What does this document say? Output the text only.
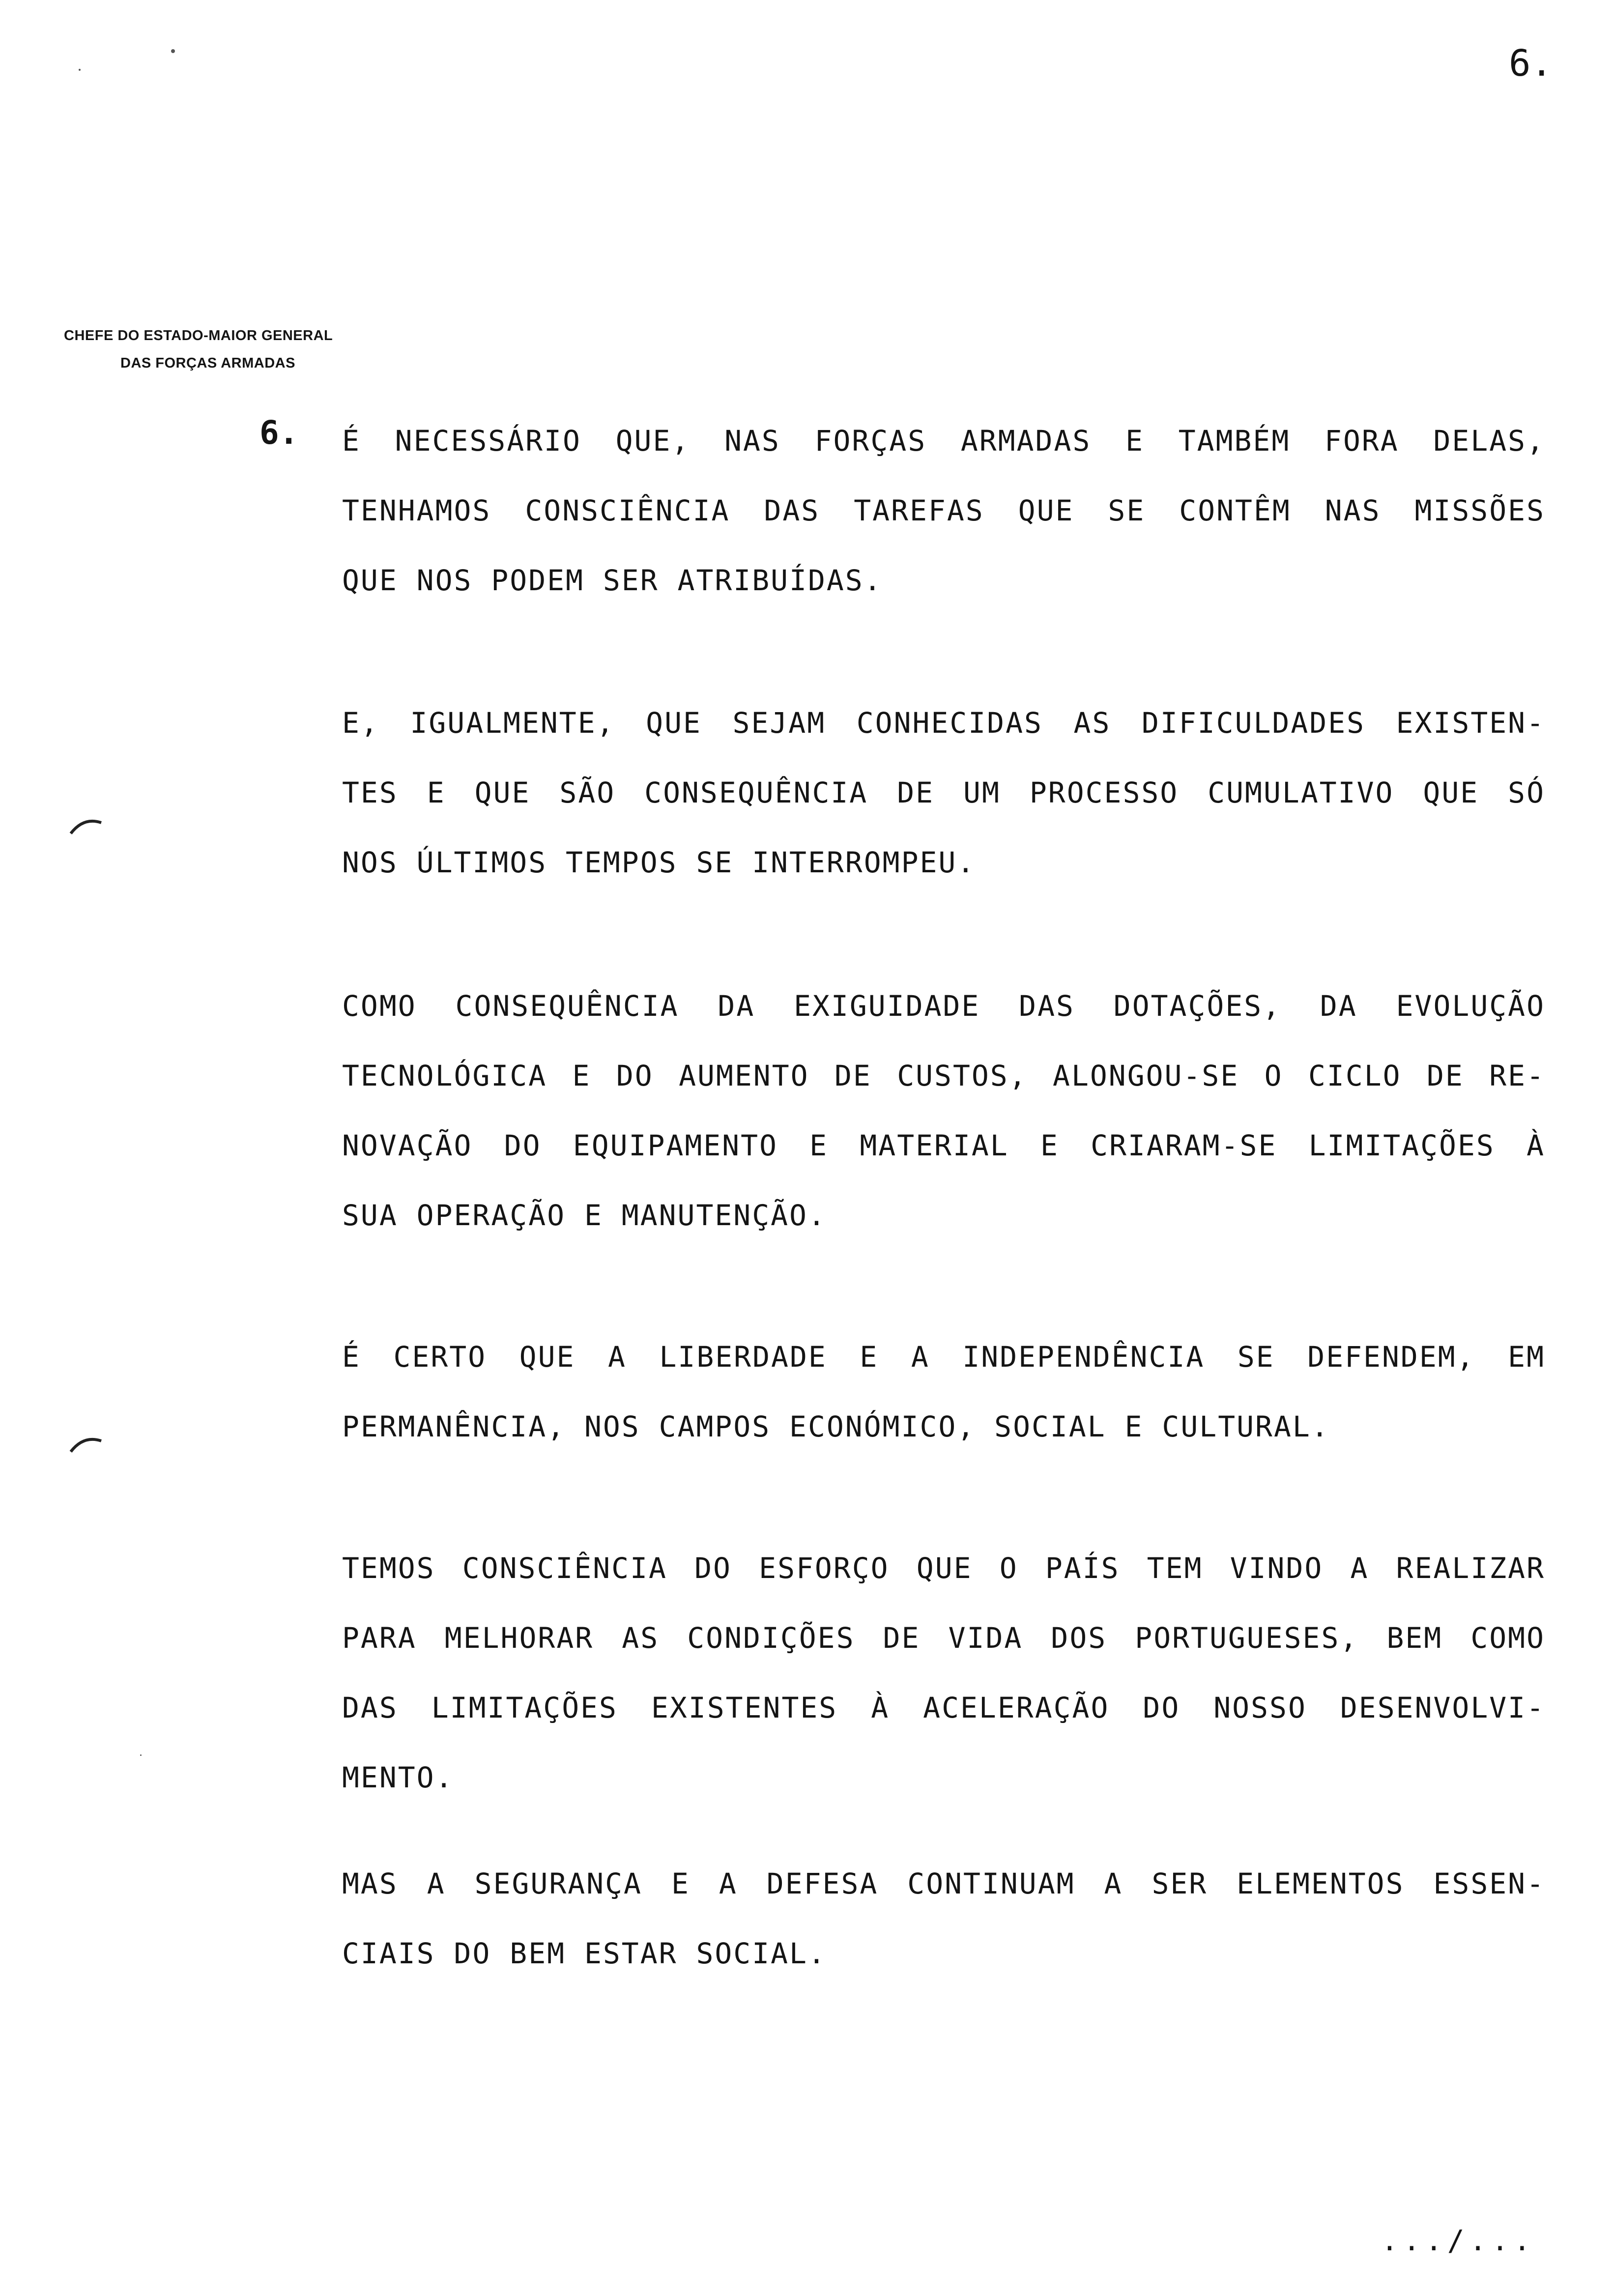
6.
CHEFE DO ESTADO-MAIOR GENERAL
DAS FORÇAS ARMADAS
6. É NECESSÁRIO QUE, NAS FORÇAS ARMADAS E TAMBÉM FORA DELAS,
TENHAMOS CONSCIÊNCIA DAS TAREFAS QUE SE CONTÊM NAS MISSÕES
QUE NOS PODEM SER ATRIBUÍDAS.
E, IGUALMENTE, QUE SEJAM CONHECIDAS AS DIFICULDADES EXISTEN-
TES E QUE SÃO CONSEQUÊNCIA DE UM PROCESSO CUMULATIVO QUE SÓ
NOS ÚLTIMOS TEMPOS SE INTERROMPEU.
COMO CONSEQUÊNCIA DA EXIGUIDADE DAS DOTAÇÕES, DA EVOLUÇÃO
TECNOLÓGICA E DO AUMENTO DE CUSTOS, ALONGOU-SE O CICLO DE RE-
NOVAÇÃO DO EQUIPAMENTO E MATERIAL E CRIARAM-SE LIMITAÇÕES À
SUA OPERAÇÃO E MANUTENÇÃO.
É CERTO QUE A LIBERDADE E A INDEPENDÊNCIA SE DEFENDEM, EM
PERMANÊNCIA, NOS CAMPOS ECONÓMICO, SOCIAL E CULTURAL.
TEMOS CONSCIÊNCIA DO ESFORÇO QUE O PAÍS TEM VINDO A REALIZAR
PARA MELHORAR AS CONDIÇÕES DE VIDA DOS PORTUGUESES, BEM COMO
DAS LIMITAÇÕES EXISTENTES À ACELERAÇÃO DO NOSSO DESENVOLVI-
MENTO.
MAS A SEGURANÇA E A DEFESA CONTINUAM A SER ELEMENTOS ESSEN-
CIAIS DO BEM ESTAR SOCIAL.
.../...
